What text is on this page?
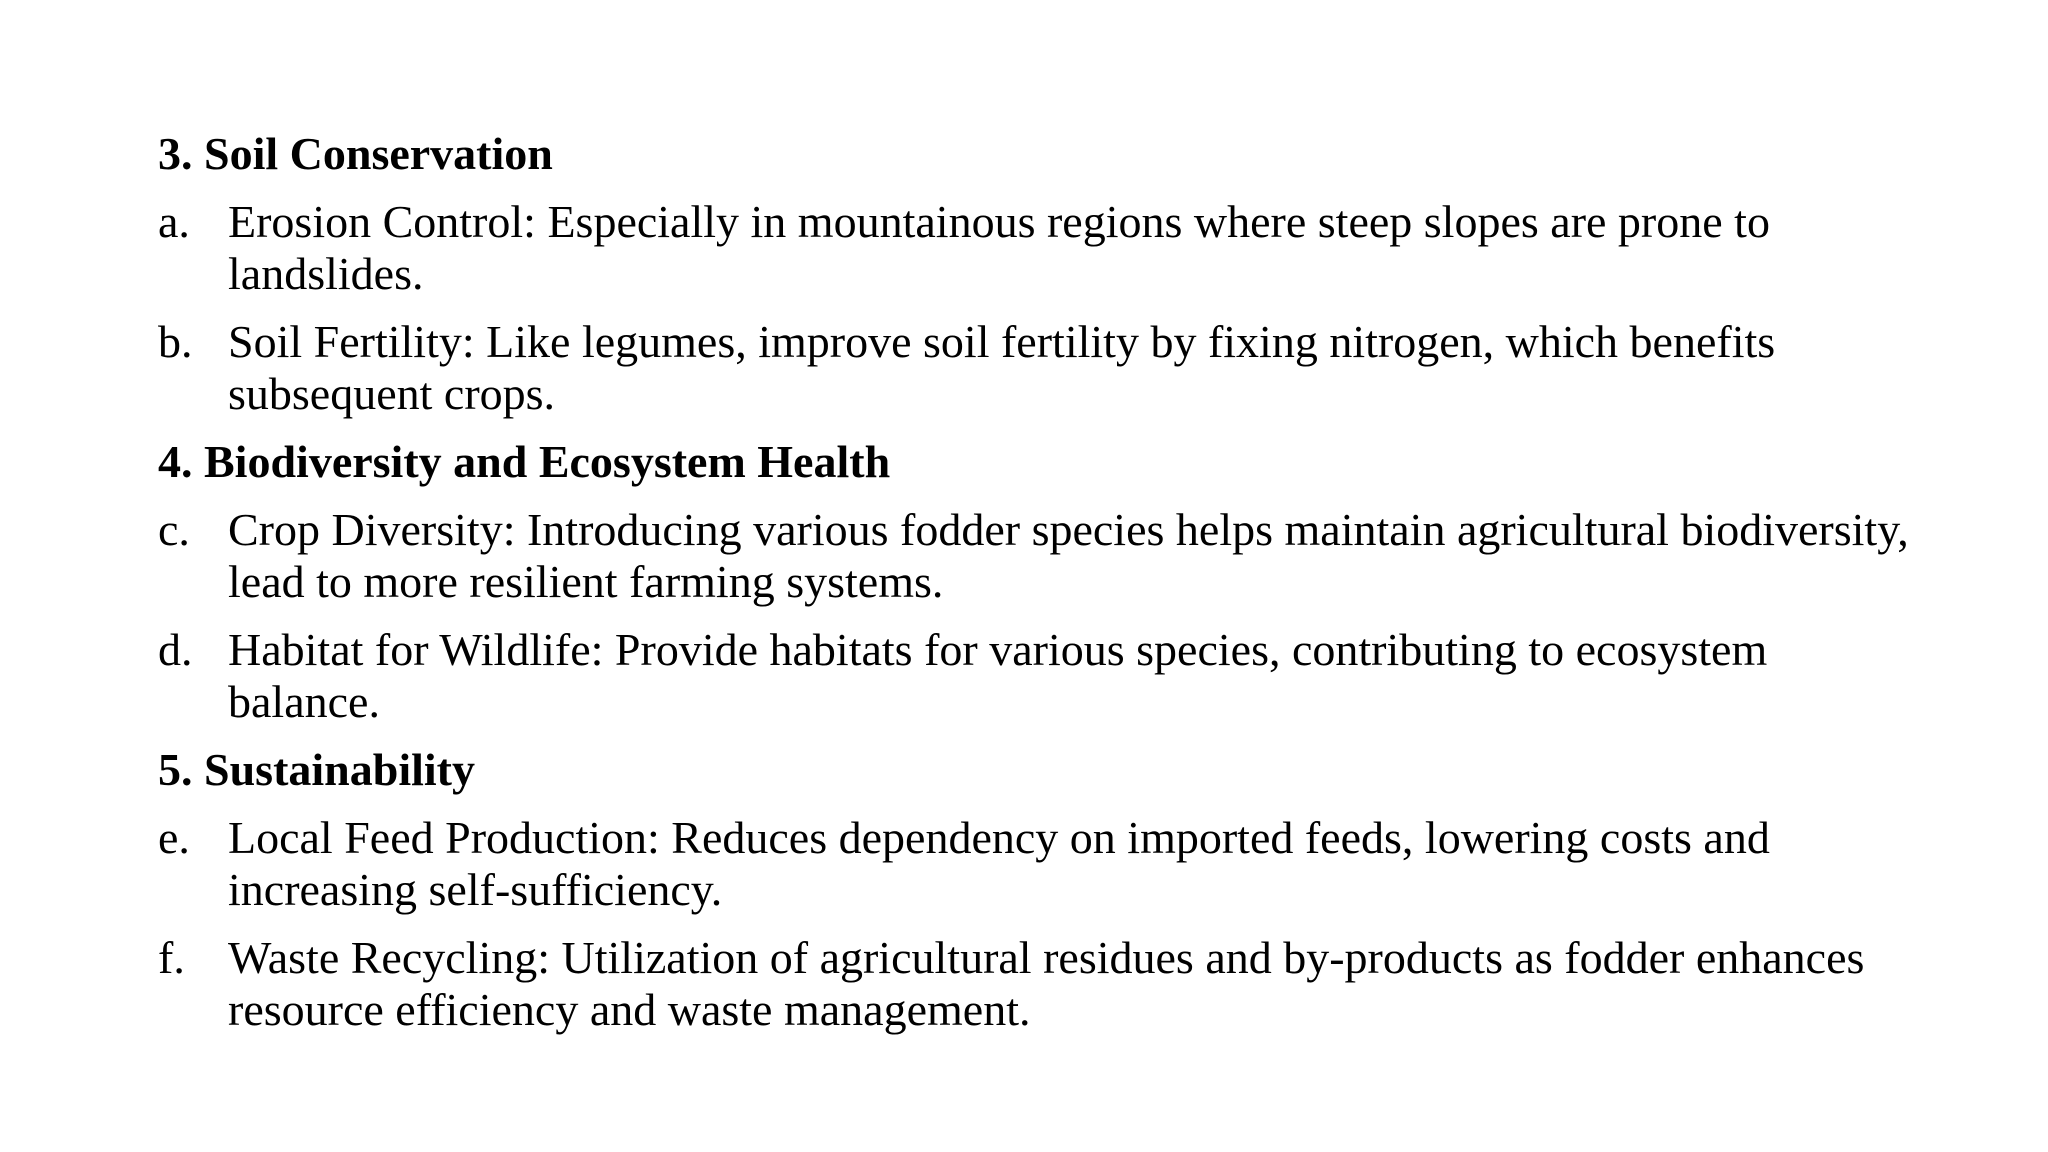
3. Soil Conservation
a. Erosion Control: Especially in mountainous regions where steep slopes are prone to landslides.
b. Soil Fertility: Like legumes, improve soil fertility by fixing nitrogen, which benefits subsequent crops.
4. Biodiversity and Ecosystem Health
c. Crop Diversity: Introducing various fodder species helps maintain agricultural biodiversity, lead to more resilient farming systems.
d. Habitat for Wildlife: Provide habitats for various species, contributing to ecosystem balance.
5. Sustainability
e. Local Feed Production: Reduces dependency on imported feeds, lowering costs and increasing self-sufficiency.
f. Waste Recycling: Utilization of agricultural residues and by-products as fodder enhances resource efficiency and waste management.
